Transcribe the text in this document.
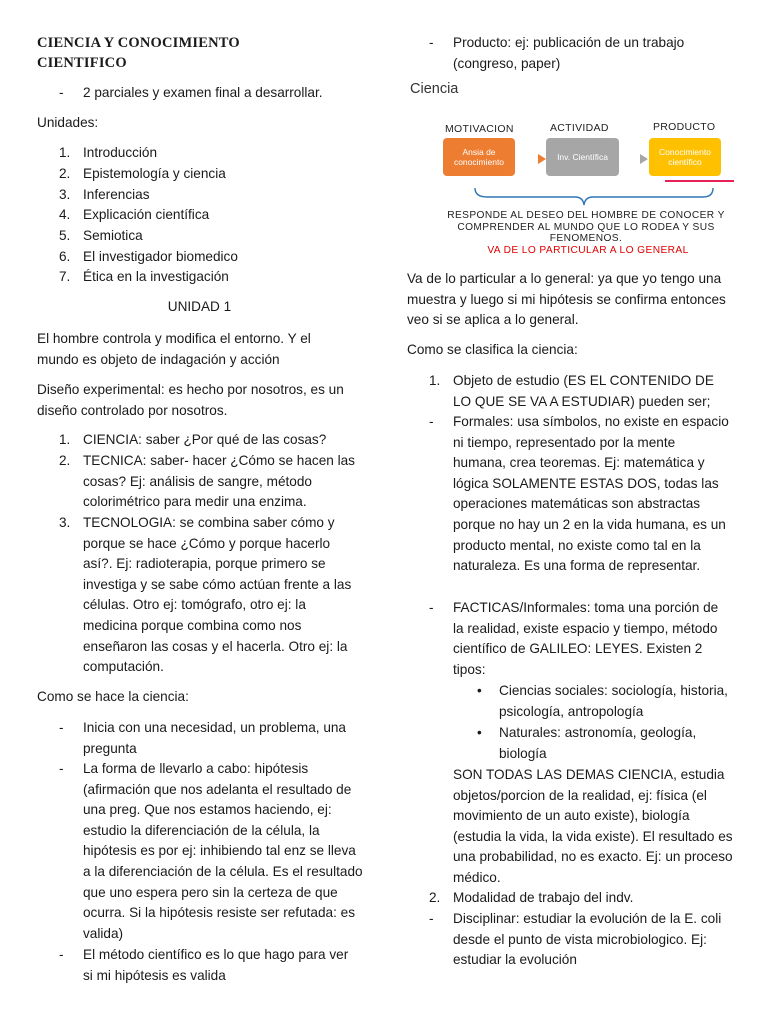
CIENCIA Y CONOCIMIENTO CIENTIFICO
- 2 parciales y examen final a desarrollar.
Unidades:
1. Introducción
2. Epistemología y ciencia
3. Inferencias
4. Explicación científica
5. Semiotica
6. El investigador biomedico
7. Ética en la investigación
UNIDAD 1
El hombre controla y modifica el entorno. Y el mundo es objeto de indagación y acción
Diseño experimental: es hecho por nosotros, es un diseño controlado por nosotros.
1. CIENCIA: saber ¿Por qué de las cosas?
2. TECNICA: saber- hacer ¿Cómo se hacen las cosas? Ej: análisis de sangre, método colorimétrico para medir una enzima.
3. TECNOLOGIA: se combina saber cómo y porque se hace ¿Cómo y porque hacerlo así?. Ej: radioterapia, porque primero se investiga y se sabe cómo actúan frente a las células. Otro ej: tomógrafo, otro ej: la medicina porque combina como nos enseñaron las cosas y el hacerla. Otro ej: la computación.
Como se hace la ciencia:
- Inicia con una necesidad, un problema, una pregunta
- La forma de llevarlo a cabo: hipótesis (afirmación que nos adelanta el resultado de una preg. Que nos estamos haciendo, ej: estudio la diferenciación de la célula, la hipótesis es por ej: inhibiendo tal enz se lleva a la diferenciación de la célula. Es el resultado que uno espera pero sin la certeza de que ocurra. Si la hipótesis resiste ser refutada: es valida)
- El método científico es lo que hago para ver si mi hipótesis es valida
- Producto: ej: publicación de un trabajo (congreso, paper)
Ciencia
MOTIVACION	ACTIVIDAD	PRODUCTO
Ansia de conocimiento	Inv. Científica	Conocimiento científico
RESPONDE AL DESEO DEL HOMBRE DE CONOCER Y COMPRENDER AL MUNDO QUE LO RODEA Y SUS FENOMENOS.
VA DE LO PARTICULAR A LO GENERAL
Va de lo particular a lo general: ya que yo tengo una muestra y luego si mi hipótesis se confirma entonces veo si se aplica a lo general.
Como se clasifica la ciencia:
1. Objeto de estudio (ES EL CONTENIDO DE LO QUE SE VA A ESTUDIAR) pueden ser;
- Formales: usa símbolos, no existe en espacio ni tiempo, representado por la mente humana, crea teoremas. Ej: matemática y lógica SOLAMENTE ESTAS DOS, todas las operaciones matemáticas son abstractas porque no hay un 2 en la vida humana, es un producto mental, no existe como tal en la naturaleza. Es una forma de representar.
- FACTICAS/Informales: toma una porción de la realidad, existe espacio y tiempo, método científico de GALILEO: LEYES. Existen 2 tipos:
• Ciencias sociales: sociología, historia, psicología, antropología
• Naturales: astronomía, geología, biología
SON TODAS LAS DEMAS CIENCIA, estudia objetos/porcion de la realidad, ej: física (el movimiento de un auto existe), biología (estudia la vida, la vida existe). El resultado es una probabilidad, no es exacto. Ej: un proceso médico.
2. Modalidad de trabajo del indv.
- Disciplinar: estudiar la evolución de la E. coli desde el punto de vista microbiologico. Ej: estudiar la evolución
